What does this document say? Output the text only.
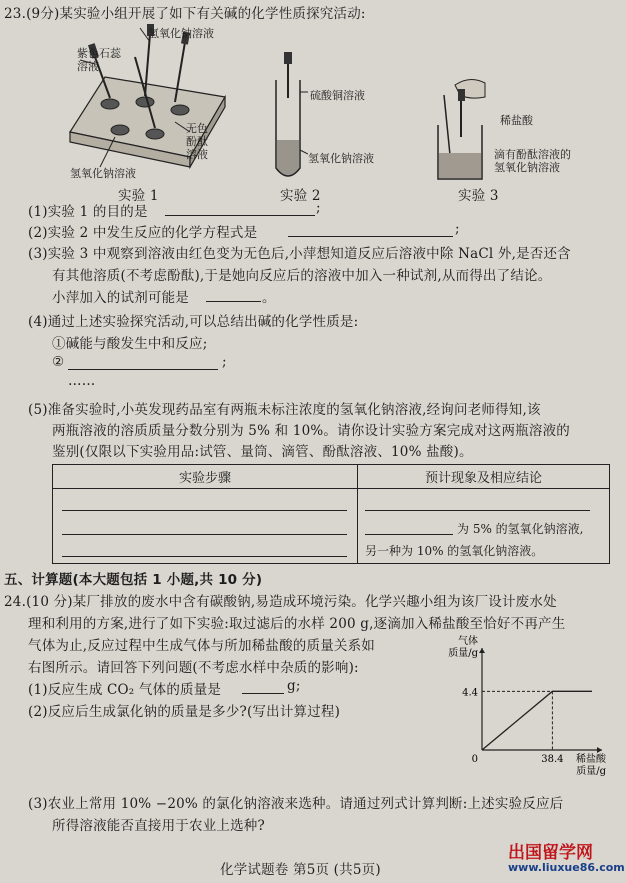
23.(9分)某实验小组开展了如下有关碱的化学性质探究活动:
氢氧化钠溶液
紫色石蕊
溶液
无色
酚酞
溶液
氢氧化钠溶液
实验 1
硫酸铜溶液
氢氧化钠溶液
实验 2
稀盐酸
滴有酚酞溶液的
氢氧化钠溶液
实验 3
(1)实验 1 的目的是	;
(2)实验 2 中发生反应的化学方程式是	;
(3)实验 3 中观察到溶液由红色变为无色后,小萍想知道反应后溶液中除 NaCl 外,是否还含
有其他溶质(不考虑酚酞),于是她向反应后的溶液中加入一种试剂,从而得出了结论。
小萍加入的试剂可能是	。
(4)通过上述实验探究活动,可以总结出碱的化学性质是:
①碱能与酸发生中和反应;
②	;
……
(5)准备实验时,小英发现药品室有两瓶未标注浓度的氢氧化钠溶液,经询问老师得知,该
两瓶溶液的溶质质量分数分别为 5% 和 10%。请你设计实验方案完成对这两瓶溶液的
鉴别(仅限以下实验用品:试管、量筒、滴管、酚酞溶液、10% 盐酸)。
实验步骤	预计现象及相应结论

	为 5% 的氢氧化钠溶液,
另一种为 10% 的氢氧化钠溶液。
五、计算题(本大题包括 1 小题,共 10 分)
24.(10 分)某厂排放的废水中含有碳酸钠,易造成环境污染。化学兴趣小组为该厂设计废水处
理和利用的方案,进行了如下实验:取过滤后的水样 200 g,逐滴加入稀盐酸至恰好不再产生
气体为止,反应过程中生成气体与所加稀盐酸的质量关系如
右图所示。请回答下列问题(不考虑水样中杂质的影响):
(1)反应生成 CO₂ 气体的质量是	g;
(2)反应后生成氯化钠的质量是多少?(写出计算过程)
气体
质量/g
稀盐酸
质量/g
0
4.4
38.4
(3)农业上常用 10% −20% 的氯化钠溶液来选种。请通过列式计算判断:上述实验反应后
所得溶液能否直接用于农业上选种?
化学试题卷 第5页 (共5页)
出国留学网
www.liuxue86.com
